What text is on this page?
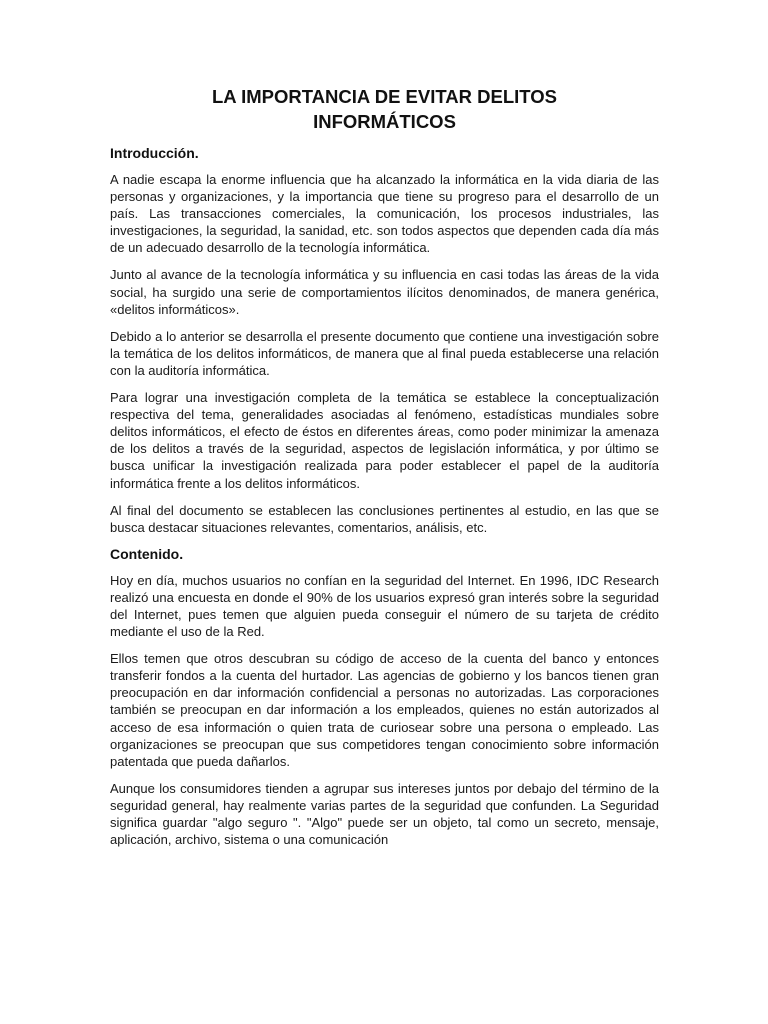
LA IMPORTANCIA DE EVITAR DELITOS
INFORMÁTICOS
Introducción.

A nadie escapa la enorme influencia que ha alcanzado la informática en la vida diaria de las personas y organizaciones, y la importancia que tiene su progreso para el desarrollo de un país. Las transacciones comerciales, la comunicación, los procesos industriales, las investigaciones, la seguridad, la sanidad, etc. son todos aspectos que dependen cada día más de un adecuado desarrollo de la tecnología informática.

Junto al avance de la tecnología informática y su influencia en casi todas las áreas de la vida social, ha surgido una serie de comportamientos ilícitos denominados, de manera genérica, «delitos informáticos».

Debido a lo anterior se desarrolla el presente documento que contiene una investigación sobre la temática de los delitos informáticos, de manera que al final pueda establecerse una relación con la auditoría informática.

Para lograr una investigación completa de la temática se establece la conceptualización respectiva del tema, generalidades asociadas al fenómeno, estadísticas mundiales sobre delitos informáticos, el efecto de éstos en diferentes áreas, como poder minimizar la amenaza de los delitos a través de la seguridad, aspectos de legislación informática, y por último se busca unificar la investigación realizada para poder establecer el papel de la auditoría informática frente a los delitos informáticos.

Al final del documento se establecen las conclusiones pertinentes al estudio, en las que se busca destacar situaciones relevantes, comentarios, análisis, etc.

Contenido.

Hoy en día, muchos usuarios no confían en la seguridad del Internet. En 1996, IDC Research realizó una encuesta en donde el 90% de los usuarios expresó gran interés sobre la seguridad del Internet, pues temen que alguien pueda conseguir el número de su tarjeta de crédito mediante el uso de la Red.

Ellos temen que otros descubran su código de acceso de la cuenta del banco y entonces transferir fondos a la cuenta del hurtador. Las agencias de gobierno y los bancos tienen gran preocupación en dar información confidencial a personas no autorizadas. Las corporaciones también se preocupan en dar información a los empleados, quienes no están autorizados al acceso de esa información o quien trata de curiosear sobre una persona o empleado. Las organizaciones se preocupan que sus competidores tengan conocimiento sobre información patentada que pueda dañarlos.

Aunque los consumidores tienden a agrupar sus intereses juntos por debajo del término de la seguridad general, hay realmente varias partes de la seguridad que confunden. La Seguridad significa guardar "algo seguro ". "Algo" puede ser un objeto, tal como un secreto, mensaje, aplicación, archivo, sistema o una comunicación
